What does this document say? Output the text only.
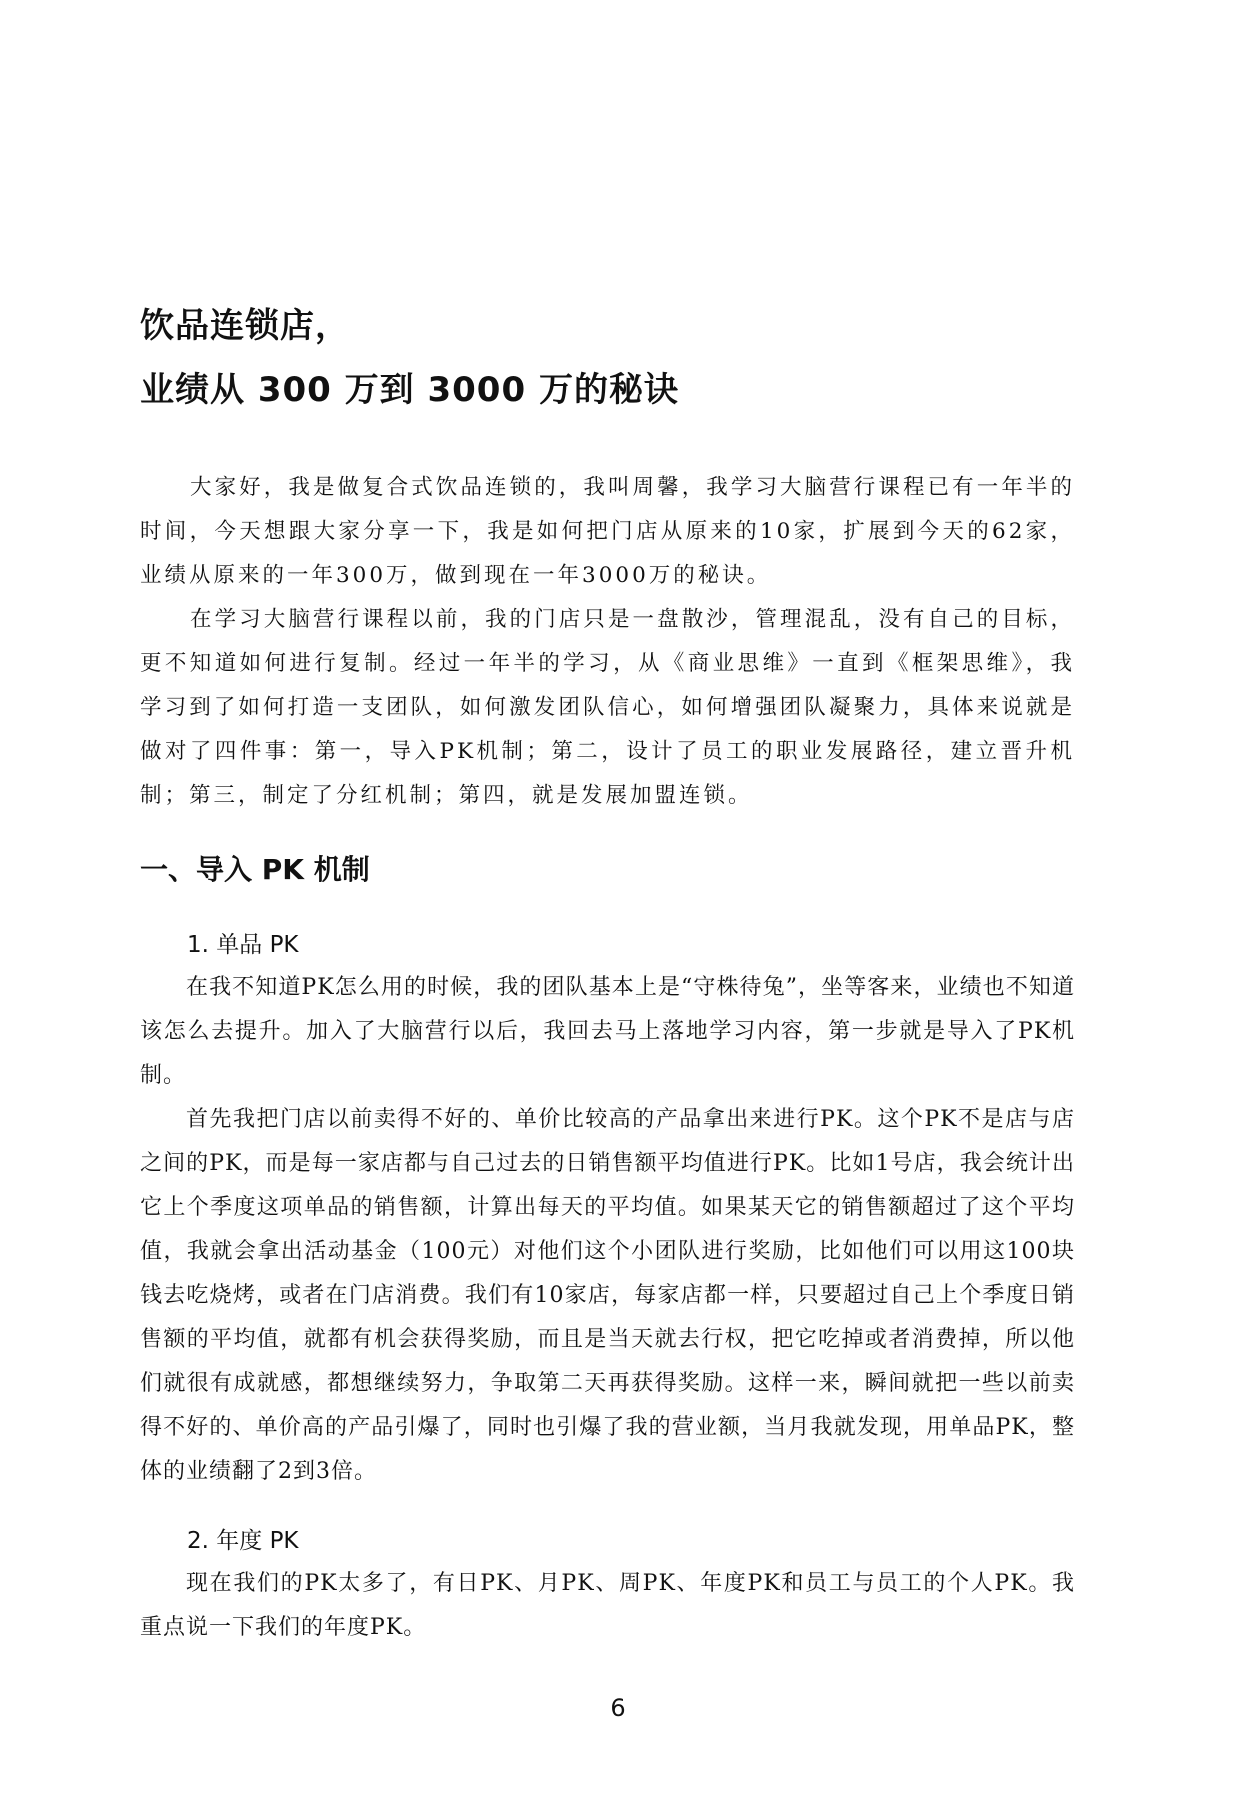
饮品连锁店，
业绩从 300 万到 3000 万的秘诀

大家好，我是做复合式饮品连锁的，我叫周馨，我学习大脑营行课程已有一年半的时间，今天想跟大家分享一下，我是如何把门店从原来的10家，扩展到今天的62家，业绩从原来的一年300万，做到现在一年3000万的秘诀。

在学习大脑营行课程以前，我的门店只是一盘散沙，管理混乱，没有自己的目标，更不知道如何进行复制。经过一年半的学习，从《商业思维》一直到《框架思维》，我学习到了如何打造一支团队，如何激发团队信心，如何增强团队凝聚力，具体来说就是做对了四件事：第一，导入PK机制；第二，设计了员工的职业发展路径，建立晋升机制；第三，制定了分红机制；第四，就是发展加盟连锁。

一、导入 PK 机制
1. 单品 PK

在我不知道PK怎么用的时候，我的团队基本上是“守株待兔”，坐等客来，业绩也不知道该怎么去提升。加入了大脑营行以后，我回去马上落地学习内容，第一步就是导入了PK机制。

首先我把门店以前卖得不好的、单价比较高的产品拿出来进行PK。这个PK不是店与店之间的PK，而是每一家店都与自己过去的日销售额平均值进行PK。比如1号店，我会统计出它上个季度这项单品的销售额，计算出每天的平均值。如果某天它的销售额超过了这个平均值，我就会拿出活动基金（100元）对他们这个小团队进行奖励，比如他们可以用这100块钱去吃烧烤，或者在门店消费。我们有10家店，每家店都一样，只要超过自己上个季度日销售额的平均值，就都有机会获得奖励，而且是当天就去行权，把它吃掉或者消费掉，所以他们就很有成就感，都想继续努力，争取第二天再获得奖励。这样一来，瞬间就把一些以前卖得不好的、单价高的产品引爆了，同时也引爆了我的营业额，当月我就发现，用单品PK，整体的业绩翻了2到3倍。

2. 年度 PK

现在我们的PK太多了，有日PK、月PK、周PK、年度PK和员工与员工的个人PK。我重点说一下我们的年度PK。

6
